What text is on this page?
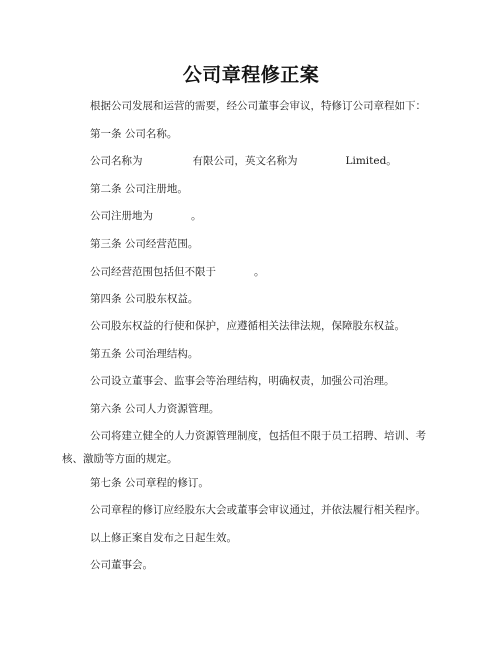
公司章程修正案
根据公司发展和运营的需要，经公司董事会审议，特修订公司章程如下：
第一条 公司名称。
公司名称为	有限公司，英文名称为	Limited。
第二条 公司注册地。
公司注册地为	。
第三条 公司经营范围。
公司经营范围包括但不限于	。
第四条 公司股东权益。
公司股东权益的行使和保护，应遵循相关法律法规，保障股东权益。
第五条 公司治理结构。
公司设立董事会、监事会等治理结构，明确权责，加强公司治理。
第六条 公司人力资源管理。
公司将建立健全的人力资源管理制度，包括但不限于员工招聘、培训、考核、激励等方面的规定。
第七条 公司章程的修订。
公司章程的修订应经股东大会或董事会审议通过，并依法履行相关程序。
以上修正案自发布之日起生效。
公司董事会。
